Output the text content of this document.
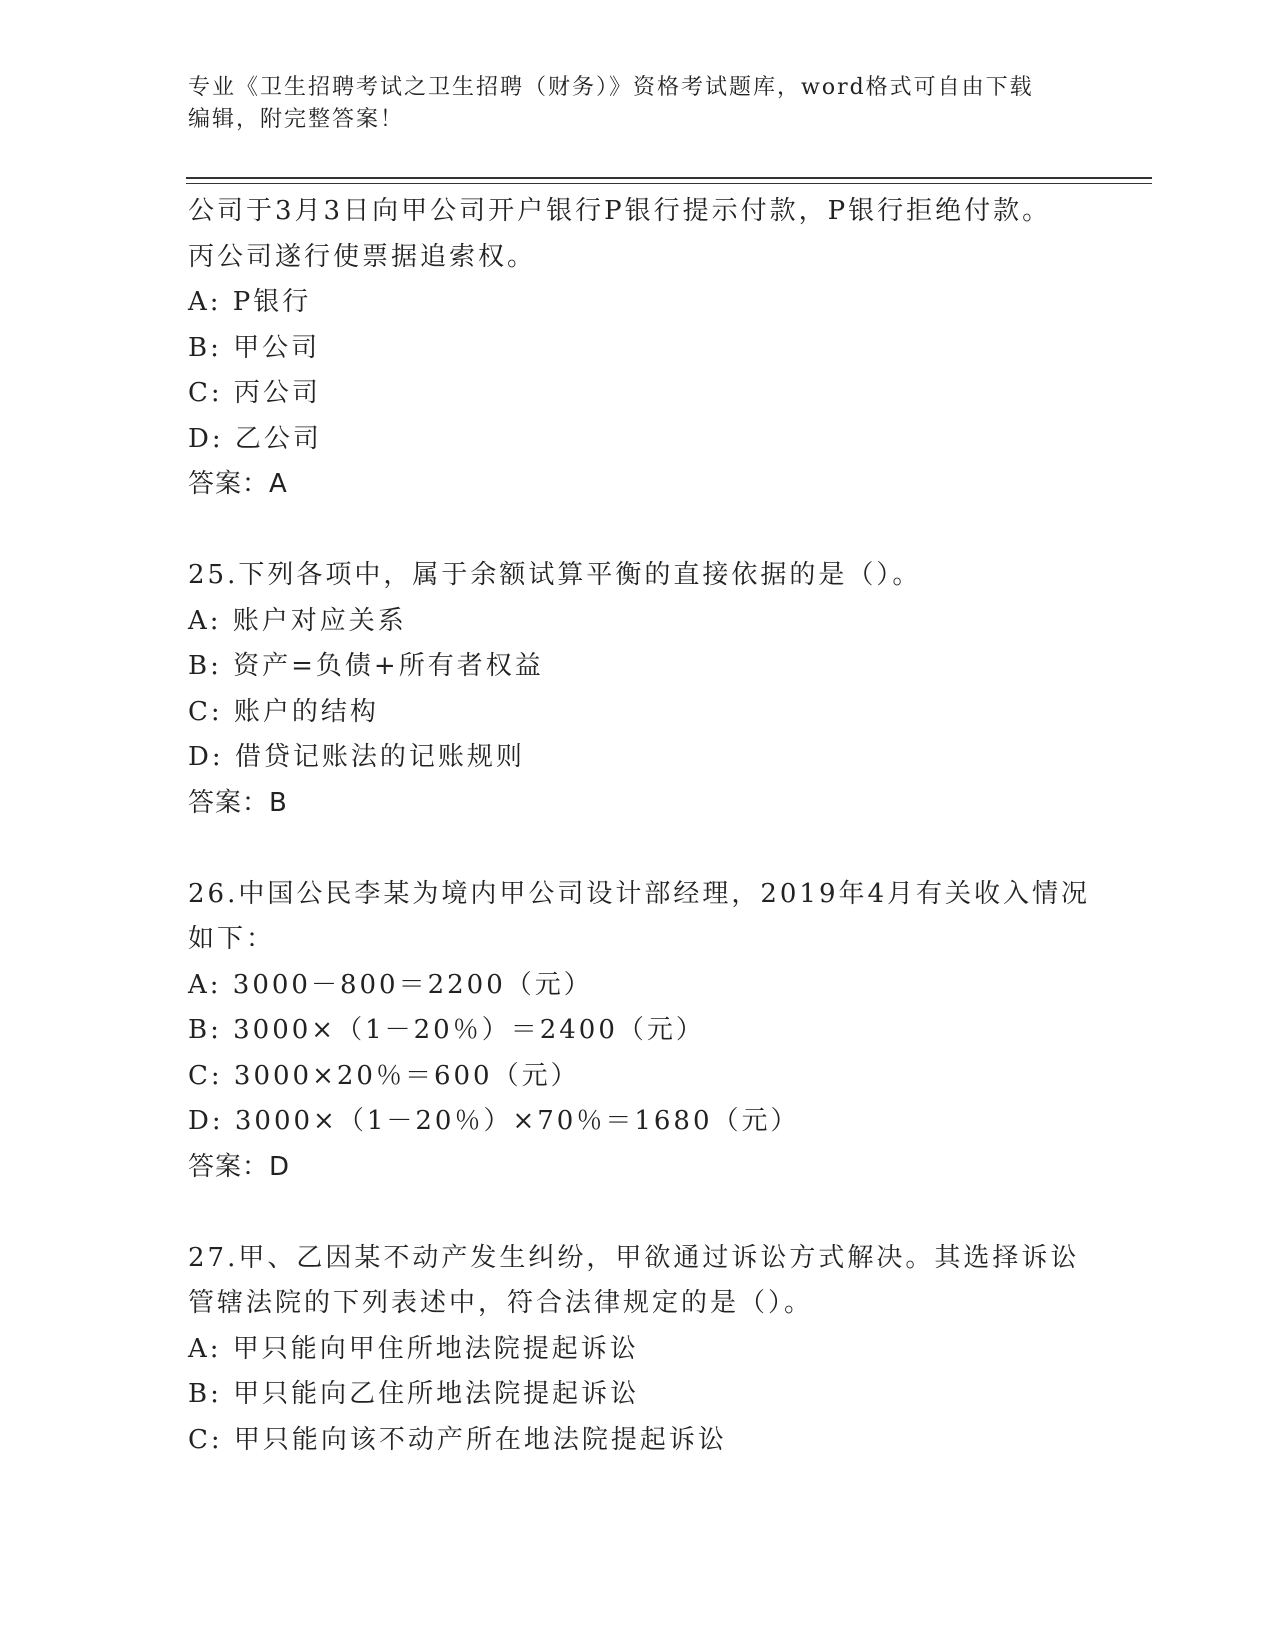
专业《卫生招聘考试之卫生招聘（财务）》资格考试题库，word格式可自由下载
编辑，附完整答案！
公司于3月3日向甲公司开户银行P银行提示付款，P银行拒绝付款。
丙公司遂行使票据追索权。
A: P银行
B: 甲公司
C: 丙公司
D: 乙公司
答案：A
25.下列各项中，属于余额试算平衡的直接依据的是（）。
A: 账户对应关系
B: 资产=负债+所有者权益
C: 账户的结构
D: 借贷记账法的记账规则
答案：B
26.中国公民李某为境内甲公司设计部经理，2019年4月有关收入情况
如下：
A: 3000－800＝2200（元）
B: 3000×（1－20％）＝2400（元）
C: 3000×20％＝600（元）
D: 3000×（1－20％）×70％＝1680（元）
答案：D
27.甲、乙因某不动产发生纠纷，甲欲通过诉讼方式解决。其选择诉讼
管辖法院的下列表述中，符合法律规定的是（）。
A: 甲只能向甲住所地法院提起诉讼
B: 甲只能向乙住所地法院提起诉讼
C: 甲只能向该不动产所在地法院提起诉讼
